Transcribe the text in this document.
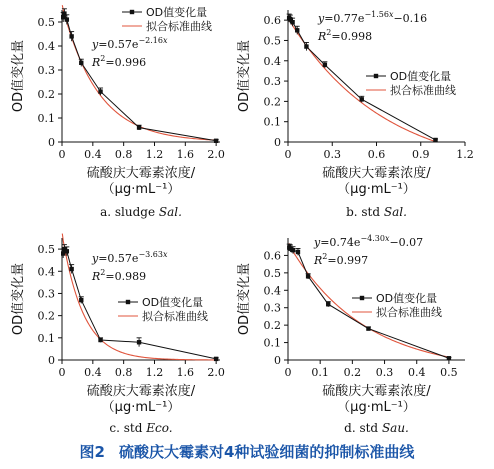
0 0.4 0.8 1.2 1.6 2.0
0
0.1
0.2
0.3
0.4
0.5
OD值变化量
硫酸庆大霉素浓度/
（μg·mL⁻¹）
$y=0.57e^{-2.16}x$
$R^2=0.996$
OD值变化量
拟合标准曲线
a. sludge Sal.
0	0.3 0.6 0.9 1.2
0
0.1
0.2
0.3
0.4
0.5
0.6
OD值变化量
硫酸庆大霉素浓度/
（μg·mL⁻¹）
$y=0.77e^{-1.56}x-0.16$
$R^2=0.998$
OD值变化量
拟合标准曲线
b. std Sal.
0 0.4 0.8 1.2 1.6 2.0
0
0.1
0.2
0.3
0.4
0.5
OD值变化量
硫酸庆大霉素浓度/
（μg·mL⁻¹）
$y=0.57e^{-3.63}x$
$R^2=0.989$
OD值变化量
拟合标准曲线
c. std Eco.
0 0.1 0.2 0.3 0.4 0.5
0
0.1
0.2
0.3
0.4
0.5
0.6
OD值变化量
硫酸庆大霉素浓度/
（μg·mL⁻¹）
$y=0.74e^{-4.30}x-0.07$
$R^2=0.997$
OD值变化量
拟合标准曲线
d. std Sau.
图2 硫酸庆大霉素对4种试验细菌的抑制标准曲线
